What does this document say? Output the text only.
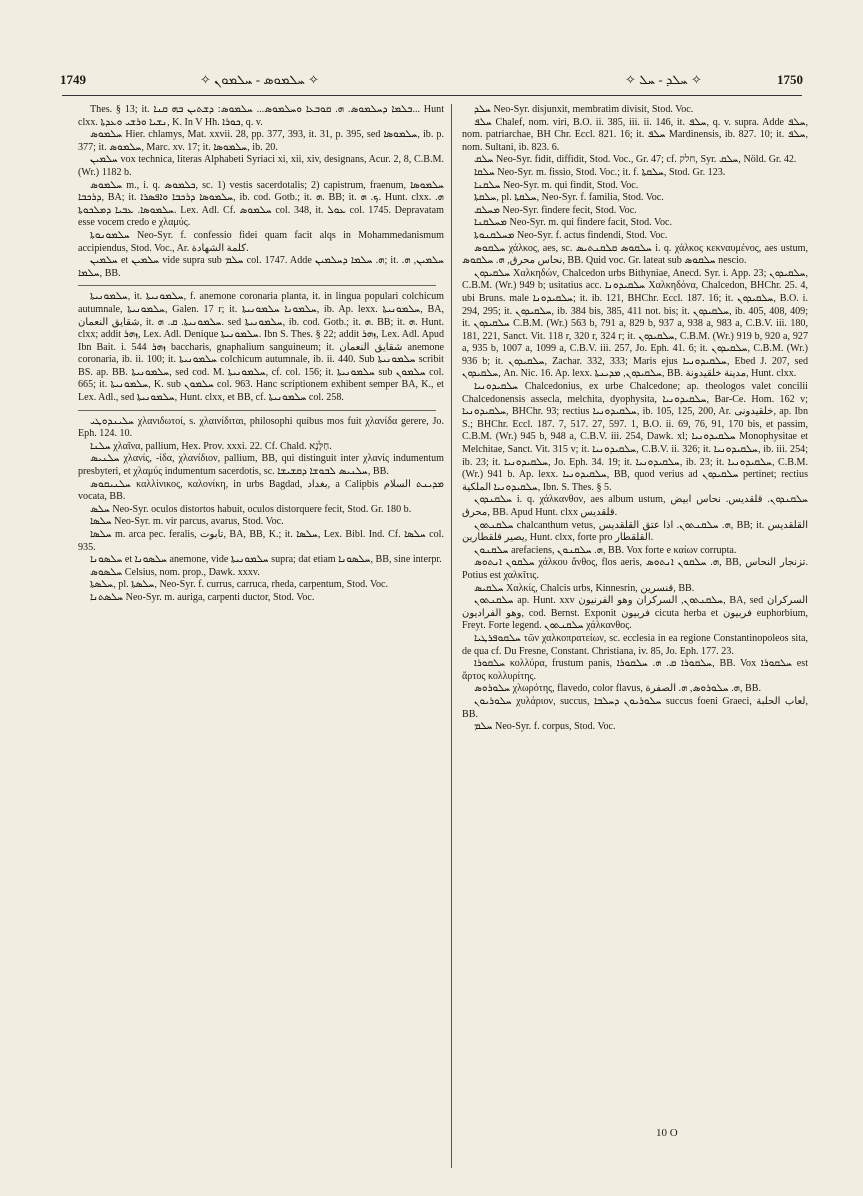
1749	✧ ܚܠܡܘܣ - ܚܠܡܘܢ ✧	✧ ܚܠܕ - ܚܠ ✧	1750
Thes. § 13; it. ܒܠܡܐ ܕܚܠܡܘܣ. ܗ. ܩܘܒܥܐ ܘܚܠܡܘܣ... ܚܠܡܘܣ: ܕܫܬܝܢ ܒܗ ܩܢܐ... Hunt clxx. ܢܫܝܐ ܘܪܫܝ ܘܥܕܬܐ, K. In V Hh. ܟܘܪܐ, q. v.
ܚܠܡܘܣ Hier. chlamys, Mat. xxvii. 28, pp. 377, 393, it. 31, p. 395, sed ܚܠܡܘܣܐ, ib. p. 377; it. ܚܠܡܘܣ, Marc. xv. 17; it. ܚܠܡܘܣܐ, ib. 20.
ܚܠܡܝܢ vox technica, literas Alphabeti Syriaci xi, xii, xiv, designans, Acur. 2, 8, C.B.M. (Wr.) 1182 b.
ܚܠܡܘܣ m., i. q. ܟܠܡܘܣ, sc. 1) vestis sacerdotalis; 2) capistrum, fraenum, ܚܠܡܘܣܐ ܕܪܟܒܐ, BA; it. ܚܠܡܘܣܐ ܕܪܟܒܐ ܘܐܦܣܪܐ, ib. cod. Gotb.; it. ܗ. BB; it. ܟ. ܗ. Hunt. clxx. ܗ. ܚܠܡܘܣܐ. ܥܒܝܐ ܕܡܠܟܘܬܐ. Lex. Adl. Cf. ܚܠܡܘܣ col. 348, it. ܥܘܠ col. 1745. Depravatam esse vocem credo e χλαμύς.
ܚܠܡܘܢܘܬܐ Neo-Syr. f. confessio fidei quam facit alqs in Mohammedanismum accipiendus, Stod. Voc., Ar. كلمة الشهادة.
ܚܠܡܝܢ et ܚܠܡܝܢ vide supra sub ܚܠܡ col. 1747. Adde ܗ. ܚܠܡܐ ܕܚܠܡܝܢ; it. ܚܠܡܝܢ, ܗ. ܚܠܡܐ, BB.
ܚܠܡܘܢܝܬܐ, it. ܚܠܡܘܢܝܬܐ, f. anemone coronaria planta, it. in lingua populari colchicum autumnale, ܚܠܡܘܢܝܬܐ, Galen. 17 r; it. ܚܠܡܘܢܐ ܚܠܡܘܢܝܬܐ, ib. Ap. lexx. ܚܠܡܘܢܝܬܐ, BA, شقايق النعمان, it. ܚܠܡܘܢܝܬܐ. ܩ. ܗ. sed ܚܠܡܘܢܝܬܐ, ib. cod. Gotb.; it. ܗ. BB; it. ܗ. Hunt. clxx; addit ܙܗܪ, Lex. Adl. Denique ܚܠܡܘܢܝܬܐ. Ibn S. Thes. § 22; addit ܙܗܪ, Lex. Adl. Apud Ibn Bait. i. 544 ܙܗܪ baccharis, gnaphalium sanguineum; it. شقايق النعمان anemone coronaria, ib. ii. 100; it. ܚܠܡܘܢܝܬܐ colchicum autumnale, ib. ii. 440. Sub ܚܠܡܘܢܝܬܐ scribit BS. ap. BB. ܚܠܡܘܢܝܬܐ, sed cod. M. ܚܠܡܘܢܝܬܐ, cf. col. 156; it. ܚܠܡܘܢܝܬܐ sub ܚܠܡܘܢ col. 665; it. ܚܠܡܘܢܝܬܐ, K. sub ܚܠܡܘܢ col. 963. Hanc scriptionem exhibent semper BA, K., et Lex. Adl., sed ܚܠܡܘܢܝܬܐ, Hunt. clxx, et BB, cf. ܚܠܡܘܢܝܬܐ col. 258.
ܚܠܝܢܕܘܛܝ χλανιδωτοί, s. χλαινίδιται, philosophi quibus mos fuit χλανίδα gerere, Jo. Eph. 124. 10.
ܚܠܢܐ χλαῖνα, pallium, Hex. Prov. xxxi. 22. Cf. Chald. חַלָּנָא.
ܚܠܢܝܣ χλανίς, -ίδα, χλανίδιον, pallium, BB, qui distinguit inter χλανίς indumentum presbyteri, et χλαμύς indumentum sacerdotis, sc. ܚܠܢܝܣ ܠܒܘܫܐ ܕܩܫܝܫܐ, BB.
ܚܠܢܝܩܘܣ καλλίνικος, καλονίκη, in urbs Bagdad, بغداد, a Calipbis ܡܕܝܢܬ السلام vocata, BB.
ܚܠܣ Neo-Syr. oculos distortos habuit, oculos distorquere fecit, Stod. Gr. 180 b.
ܚܠܣܐ Neo-Syr. m. vir parcus, avarus, Stod. Voc.
ܚܠܣܐ m. arca pec. feralis, تابوت, BA, BB, K.; it. ܚܠܣܐ, Lex. Bibl. Ind. Cf. ܚܠܣܐ col. 935.
ܚܠܣܘܢܐ et ܚܠܣܘܢܐ anemone, vide ܚܠܡܘܢܝܬܐ supra; dat etiam ܚܠܣܘܢܐ, BB, sine interpr.
ܚܠܣܘܣ Celsius, nom. prop., Dawk. xxxv.
ܚܠܣܬܐ, pl. ܚܠܣܬܐ, Neo-Syr. f. currus, carruca, rheda, carpentum, Stod. Voc.
ܚܠܣܬܢܐ Neo-Syr. m. auriga, carpenti ductor, Stod. Voc.
ܚܠܕ Neo-Syr. disjunxit, membratim divisit, Stod. Voc.
ܚܠܦ Chalef, nom. viri, B.O. ii. 385, iii. ii. 146, it. ܚܠܦ, q. v. supra. Adde ܚܠܦ, nom. patriarchae, BH Chr. Eccl. 821. 16; it. ܚܠܦ Mardinensis, ib. 827. 10; it. ܚܠܦ, nom. Sultani, ib. 823. 6.
ܚܠܩ Neo-Syr. fidit, diffidit, Stod. Voc., Gr. 47; cf. חלק, Syr. ܚܠܩ, Nöld. Gr. 42.
ܚܠܩܐ Neo-Syr. m. fissio, Stod. Voc.; it. f. ܚܠܩܬܐ, Stod. Gr. 123.
ܚܠܩܢܐ Neo-Syr. m. qui findit, Stod. Voc.
ܚܠܩܬܐ, pl. ܚܠܩܬܐ, Neo-Syr. f. familia, Stod. Voc.
ܡܚܠܩ Neo-Syr. findere fecit, Stod. Voc.
ܡܚܠܩܢܐ Neo-Syr. m. qui findere facit, Stod. Voc.
ܡܚܠܩܢܘܬܐ Neo-Syr. f. actus findendi, Stod. Voc.
ܚܠܩܘܣ χάλκος, aes, sc. ܚܠܩܘܣ ܩܠܩܢܬܝܣ i. q. χάλκος κεκναυμένος, aes ustum, نحاس محرق, ܗ. ܚܠܩܘܣ, BB. Quid voc. Gr. lateat sub ܚܠܩܘܣ nescio.
ܚܠܩܝܕܘܢ Χαλκηδών, Chalcedon urbs Bithyniae, Anecd. Syr. i. App. 23; ܚܠܩܝܕܘܢ, C.B.M. (Wr.) 949 b; usitatius acc. ܚܠܩܝܕܘܢܐ Χαλκηδόνα, Chalcedon, BHChr. 25. 4, ubi Bruns. male ܚܠܩܝܕܘܢܐ; it. ib. 121, BHChr. Eccl. 187. 16; it. ܚܠܩܝܕܘܢ, B.O. i. 294, 295; it. ܚܠܩܝܕܘܢ, ib. 384 bis, 385, 411 not. bis; it. ܚܠܩܝܕܘܢ, ib. 405, 408, 409; it. ܚܠܩܝܕܘܢ C.B.M. (Wr.) 563 b, 791 a, 829 b, 937 a, 938 a, 983 a, C.B.V. iii. 180, 181, 221, Sanct. Vit. 118 r, 320 r, 324 r; it. ܚܠܩܝܕܘܢ, C.B.M. (Wr.) 919 b, 920 a, 927 a, 935 b, 1007 a, 1099 a, C.B.V. iii. 257, Jo. Eph. 41. 6; it. ܚܠܩܝܕܘܢ, C.B.M. (Wr.) 936 b; it. ܚܠܩܝܕܘܢ, Zachar. 332, 333; Maris ejus ܚܠܩܝܕܘܢܝܐ, Ebed J. 207, sed ܚܠܩܝܕܘܢ, An. Nic. 16. Ap. lexx. ܚܠܩܝܕܘܢ, ܡܕܝܢܬܐ, BB. مدينة خلقيدونة, Hunt. clxx.
ܚܠܩܝܕܘܢܝܐ Chalcedonius, ex urbe Chalcedone; ap. theologos valet concilii Chalcedonensis assecla, melchita, dyophysita, ܚܠܩܝܕܘܢܝܐ, Bar-Ce. Hom. 162 v; ܚܠܩܝܕܘܢܝܐ, BHChr. 93; rectius ܚܠܩܝܕܘܢܝܐ, ib. 105, 125, 200, Ar. خلقيدونى, ap. Ibn S.; BHChr. Eccl. 187. 7, 517. 27, 597. 1, B.O. ii. 69, 76, 91, 170 bis, et passim, C.B.M. (Wr.) 945 b, 948 a, C.B.V. iii. 254, Dawk. xl; ܚܠܩܝܕܘܢܝܐ Monophysitae et Melchitae, Sanct. Vit. 315 v; it. ܚܠܩܝܕܘܢܝܐ, C.B.V. ii. 326; it. ܚܠܩܝܕܘܢܝܐ, ib. iii. 254; ib. 23; it. ܚܠܩܝܕܘܢܝܐ, Jo. Eph. 34. 19; it. ܚܠܩܝܕܘܢܝܐ, ib. 23; it. ܚܠܩܝܕܘܢܝܐ, C.B.M. (Wr.) 941 b. Ap. lexx. ܚܠܩܝܕܘܢܝܐ, BB, quod verius ad ܚܠܩܝܕܘܢ pertinet; rectius ܚܠܩܝܕܘܢܝܐ الملكية, Ibn. S. Thes. § 5.
ܚܠܩܢܕܘܢ i. q. χάλκανθον, aes album ustum, ܚܠܩܢܕܘܢ. قلقديس. نحاس ابيض محرق, BB. Apud Hunt. clxx قلقديس.
ܚܠܩܢܬܘܢ chalcanthum vetus, ܗ. ܚܠܩܢܬܘܢ. اذا عتق القلقديس, BB; it. القلقديس يصير قلقطارين, Hunt. clxx, forte pro القلقطار.
ܚܠܩܢܘܢ arefaciens, ܗ. ܚܠܩܢܘܢ, BB. Vox forte e καίων corrupta.
ܚܠܩܘܢ ܐܢܬܘܣ χάλκου ἄνθος, flos aeris, ܗ. ܚܠܩܘܢ ܐܢܬܘܣ, BB, تزنجار النحاس. Potius est χαλκῖτις.
ܚܠܩܝܣ Χαλκίς, Chalcis urbs, Kinnesrin, قنسرين, BB.
ܚܠܩܢܬܘܢ ap. Hunt. xxv ܚܠܩܢܬܘܢ, السركران وهو الفرنيون, BA, sed السركران وهو الفراديون, cod. Bernst. Exponit فربيون cicuta herba et فربيون euphorbium, Freyt. Forte legend. ܚܠܩܢܬܘܢ χάλκανθος.
ܚܠܩܘܦܪܛܝܐ τῶν χαλκοπρατείων, sc. ecclesia in ea regione Constantinopoleos sita, de qua cf. Du Fresne, Constant. Christiana, iv. 85, Jo. Eph. 177. 23.
ܚܠܩܘܪܐ κολλύρα, frustum panis, ܚܠܩܘܪܐ ܩ. ܗ. ܚܠܩܘܪܐ, BB. Vox ܚܠܩܘܪܐ est ἄρτος κολλυρίτης.
ܚܠܘܪܘܣ χλωρότης, flavedo, color flavus, ܗ. ܚܠܘܪܘܣ, ܗ. الصفرة, BB.
ܚܠܘܪܝܘܢ χυλάριον, succus, ܚܠܘܪܝܘܢ ܕܚܠܒܐ succus foeni Graeci, لعاب الحلبة, BB.
ܚܠܡ Neo-Syr. f. corpus, Stod. Voc.
10 O
